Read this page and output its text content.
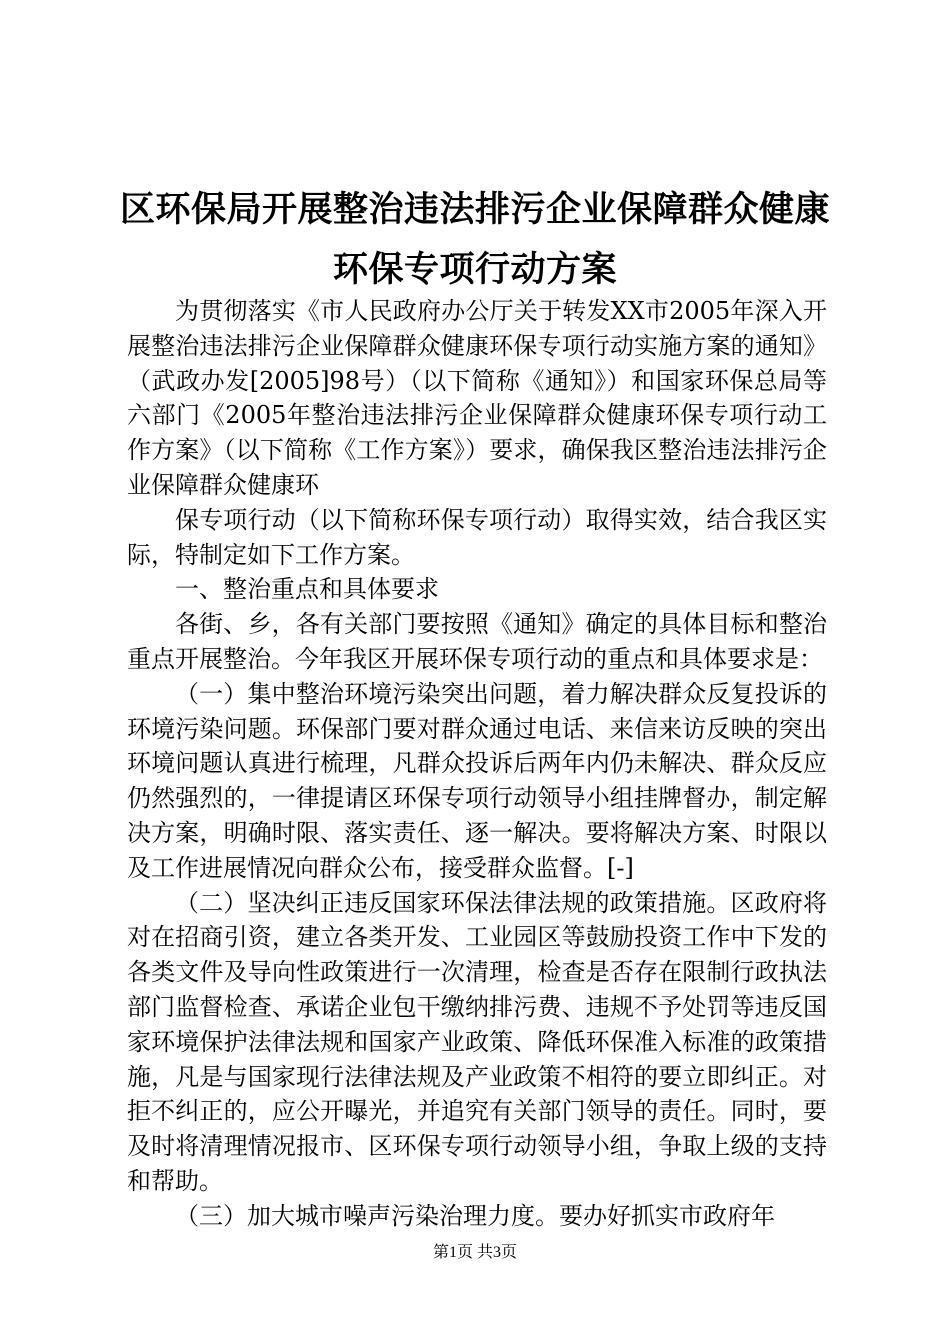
区环保局开展整治违法排污企业保障群众健康
环保专项行动方案

为贯彻落实《市人民政府办公厅关于转发XX市2005年深入开展整治违法排污企业保障群众健康环保专项行动实施方案的通知》（武政办发[2005]98号）（以下简称《通知》）和国家环保总局等六部门《2005年整治违法排污企业保障群众健康环保专项行动工作方案》（以下简称《工作方案》）要求，确保我区整治违法排污企业保障群众健康环

保专项行动（以下简称环保专项行动）取得实效，结合我区实际，特制定如下工作方案。

一、整治重点和具体要求

各街、乡，各有关部门要按照《通知》确定的具体目标和整治重点开展整治。今年我区开展环保专项行动的重点和具体要求是：

（一）集中整治环境污染突出问题，着力解决群众反复投诉的环境污染问题。环保部门要对群众通过电话、来信来访反映的突出环境问题认真进行梳理，凡群众投诉后两年内仍未解决、群众反应仍然强烈的，一律提请区环保专项行动领导小组挂牌督办，制定解决方案，明确时限、落实责任、逐一解决。要将解决方案、时限以及工作进展情况向群众公布，接受群众监督。[-]

（二）坚决纠正违反国家环保法律法规的政策措施。区政府将对在招商引资，建立各类开发、工业园区等鼓励投资工作中下发的各类文件及导向性政策进行一次清理，检查是否存在限制行政执法部门监督检查、承诺企业包干缴纳排污费、违规不予处罚等违反国家环境保护法律法规和国家产业政策、降低环保准入标准的政策措施，凡是与国家现行法律法规及产业政策不相符的要立即纠正。对拒不纠正的，应公开曝光，并追究有关部门领导的责任。同时，要及时将清理情况报市、区环保专项行动领导小组，争取上级的支持和帮助。

（三）加大城市噪声污染治理力度。要办好抓实市政府年

第1页 共3页
